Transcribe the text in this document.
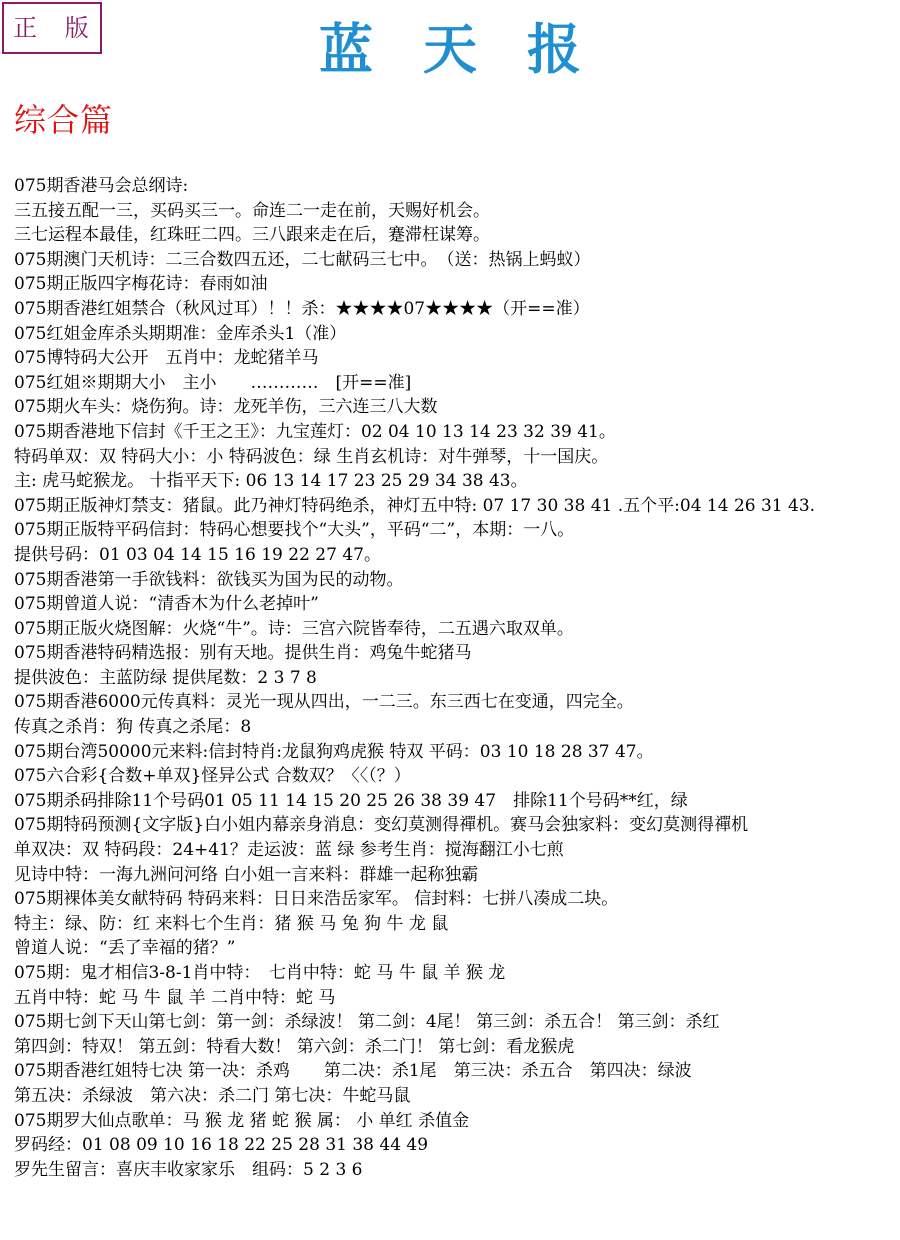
正 版	蓝天报
综合篇
075期香港马会总纲诗:
三五接五配一三，买码买三一。命连二一走在前，天赐好机会。
三七运程本最佳，红珠旺二四。三八跟来走在后，蹇滞枉谋筹。
075期澳门天机诗：二三合数四五还，二七献码三七中。　（送：热锅上蚂蚁）
075期正版四字梅花诗：春雨如油
075期香港红姐禁合（秋风过耳）！！杀：★★★★07★★★★（开==准）
075红姐金库杀头期期准：金库杀头1（准）
075博特码大公开　五肖中：龙蛇猪羊马
075红姐※期期大小　主小　　…………　[开==准]
075期火车头：烧伤狗。诗：龙死羊伤，三六连三八大数
075期香港地下信封《千王之王》：九宝莲灯：02 04 10 13 14 23 32 39 41。
特码单双：双 特码大小：小 特码波色：绿 生肖玄机诗：对牛弹琴，十一国庆。
主: 虎马蛇猴龙。 十指平天下: 06 13 14 17 23 25 29 34 38 43。
075期正版神灯禁支：猪鼠。此乃神灯特码绝杀，神灯五中特: 07 17 30 38 41 .五个平:04 14 26 31 43.
075期正版特平码信封：特码心想要找个“大头”，平码“二”，本期：一八。
提供号码：01 03 04 14 15 16 19 22 27 47。
075期香港第一手欲钱料：欲钱买为国为民的动物。
075期曾道人说：“清香木为什么老掉叶”
075期正版火烧图解：火烧“牛”。诗：三宫六院皆奉待，二五遇六取双单。
075期香港特码精选报：别有天地。提供生肖：鸡兔牛蛇猪马
提供波色：主蓝防绿 提供尾数：2 3 7 8
075期香港6000元传真料：灵光一现从四出，一二三。东三西七在变通，四完全。
传真之杀肖：狗 传真之杀尾：8
075期台湾50000元来料:信封特肖:龙鼠狗鸡虎猴 特双 平码：03 10 18 28 37 47。
075六合彩{合数+单双}怪异公式 合数双？〈〈（？）
075期杀码排除11个号码01 05 11 14 15 20 25 26 38 39 47　排除11个号码**红，绿
075期特码预测{文字版}白小姐内幕亲身消息：变幻莫测得禪机。赛马会独家料：变幻莫测得禪机
单双决：双 特码段：24+41？走运波：蓝 绿 参考生肖：搅海翻江小七煎
见诗中特：一海九洲问河络 白小姐一言来料：群雄一起称独霸
075期裸体美女献特码 特码来料：日日来浩岳家军。 信封料：七拼八凑成二块。
特主：绿、防：红 来料七个生肖：猪 猴 马 兔 狗 牛 龙 鼠
曾道人说：“丢了幸福的猪？”
075期：鬼才相信3-8-1肖中特：　七肖中特：蛇 马 牛 鼠 羊 猴 龙
五肖中特：蛇 马 牛 鼠 羊 二肖中特：蛇 马
075期七剑下天山第七剑：第一剑：杀绿波！ 第二剑：4尾！ 第三剑：杀五合！ 第三剑：杀红
第四剑：特双！ 第五剑：特看大数！ 第六剑：杀二门！ 第七剑：看龙猴虎
075期香港红姐特七决 第一决：杀鸡　　第二决：杀1尾　第三决：杀五合　第四决：绿波
第五决：杀绿波　第六决：杀二门 第七决：牛蛇马鼠
075期罗大仙点歌单：马 猴 龙 猪 蛇 猴 属： 小 单红 杀值金
罗码经：01 08 09 10 16 18 22 25 28 31 38 44 49
罗先生留言：喜庆丰收家家乐　组码：5 2 3 6
